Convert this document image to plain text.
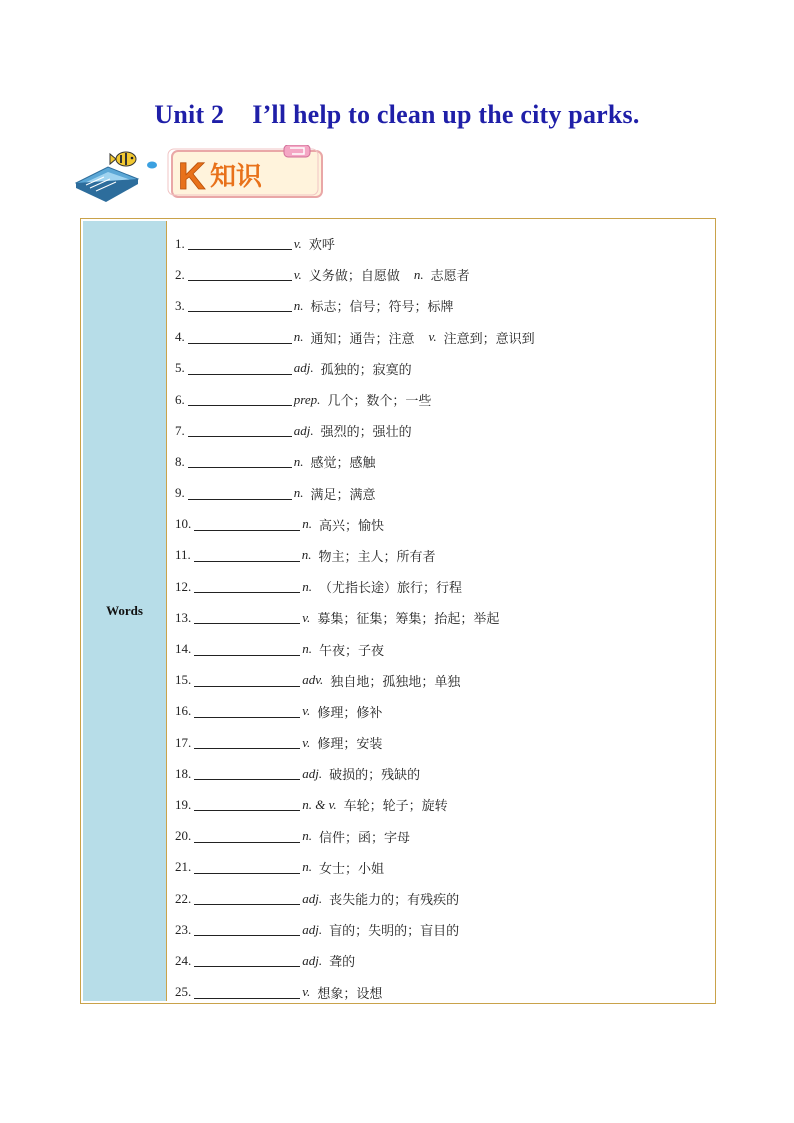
Unit 2 I’ll help to clean up the city parks.
K 知识
Words
1.	v. 欢呼
2.	v. 义务做；自愿做 n. 志愿者
3.	n. 标志；信号；符号；标牌
4.	n. 通知；通告；注意 v. 注意到；意识到
5.	adj. 孤独的；寂寞的
6.	prep. 几个；数个；一些
7.	adj. 强烈的；强壮的
8.	n. 感觉；感触
9.	n. 满足；满意
10.	n. 高兴；愉快
11.	n. 物主；主人；所有者
12.	n. （尤指长途）旅行；行程
13.	v. 募集；征集；筹集；抬起；举起
14.	n. 午夜；子夜
15.	adv. 独自地；孤独地；单独
16.	v. 修理；修补
17.	v. 修理；安装
18.	adj. 破损的；残缺的
19.	n. & v. 车轮；轮子；旋转
20.	n. 信件；函；字母
21.	n. 女士；小姐
22.	adj. 丧失能力的；有残疾的
23.	adj. 盲的；失明的；盲目的
24.	adj. 聋的
25.	v. 想象；设想
